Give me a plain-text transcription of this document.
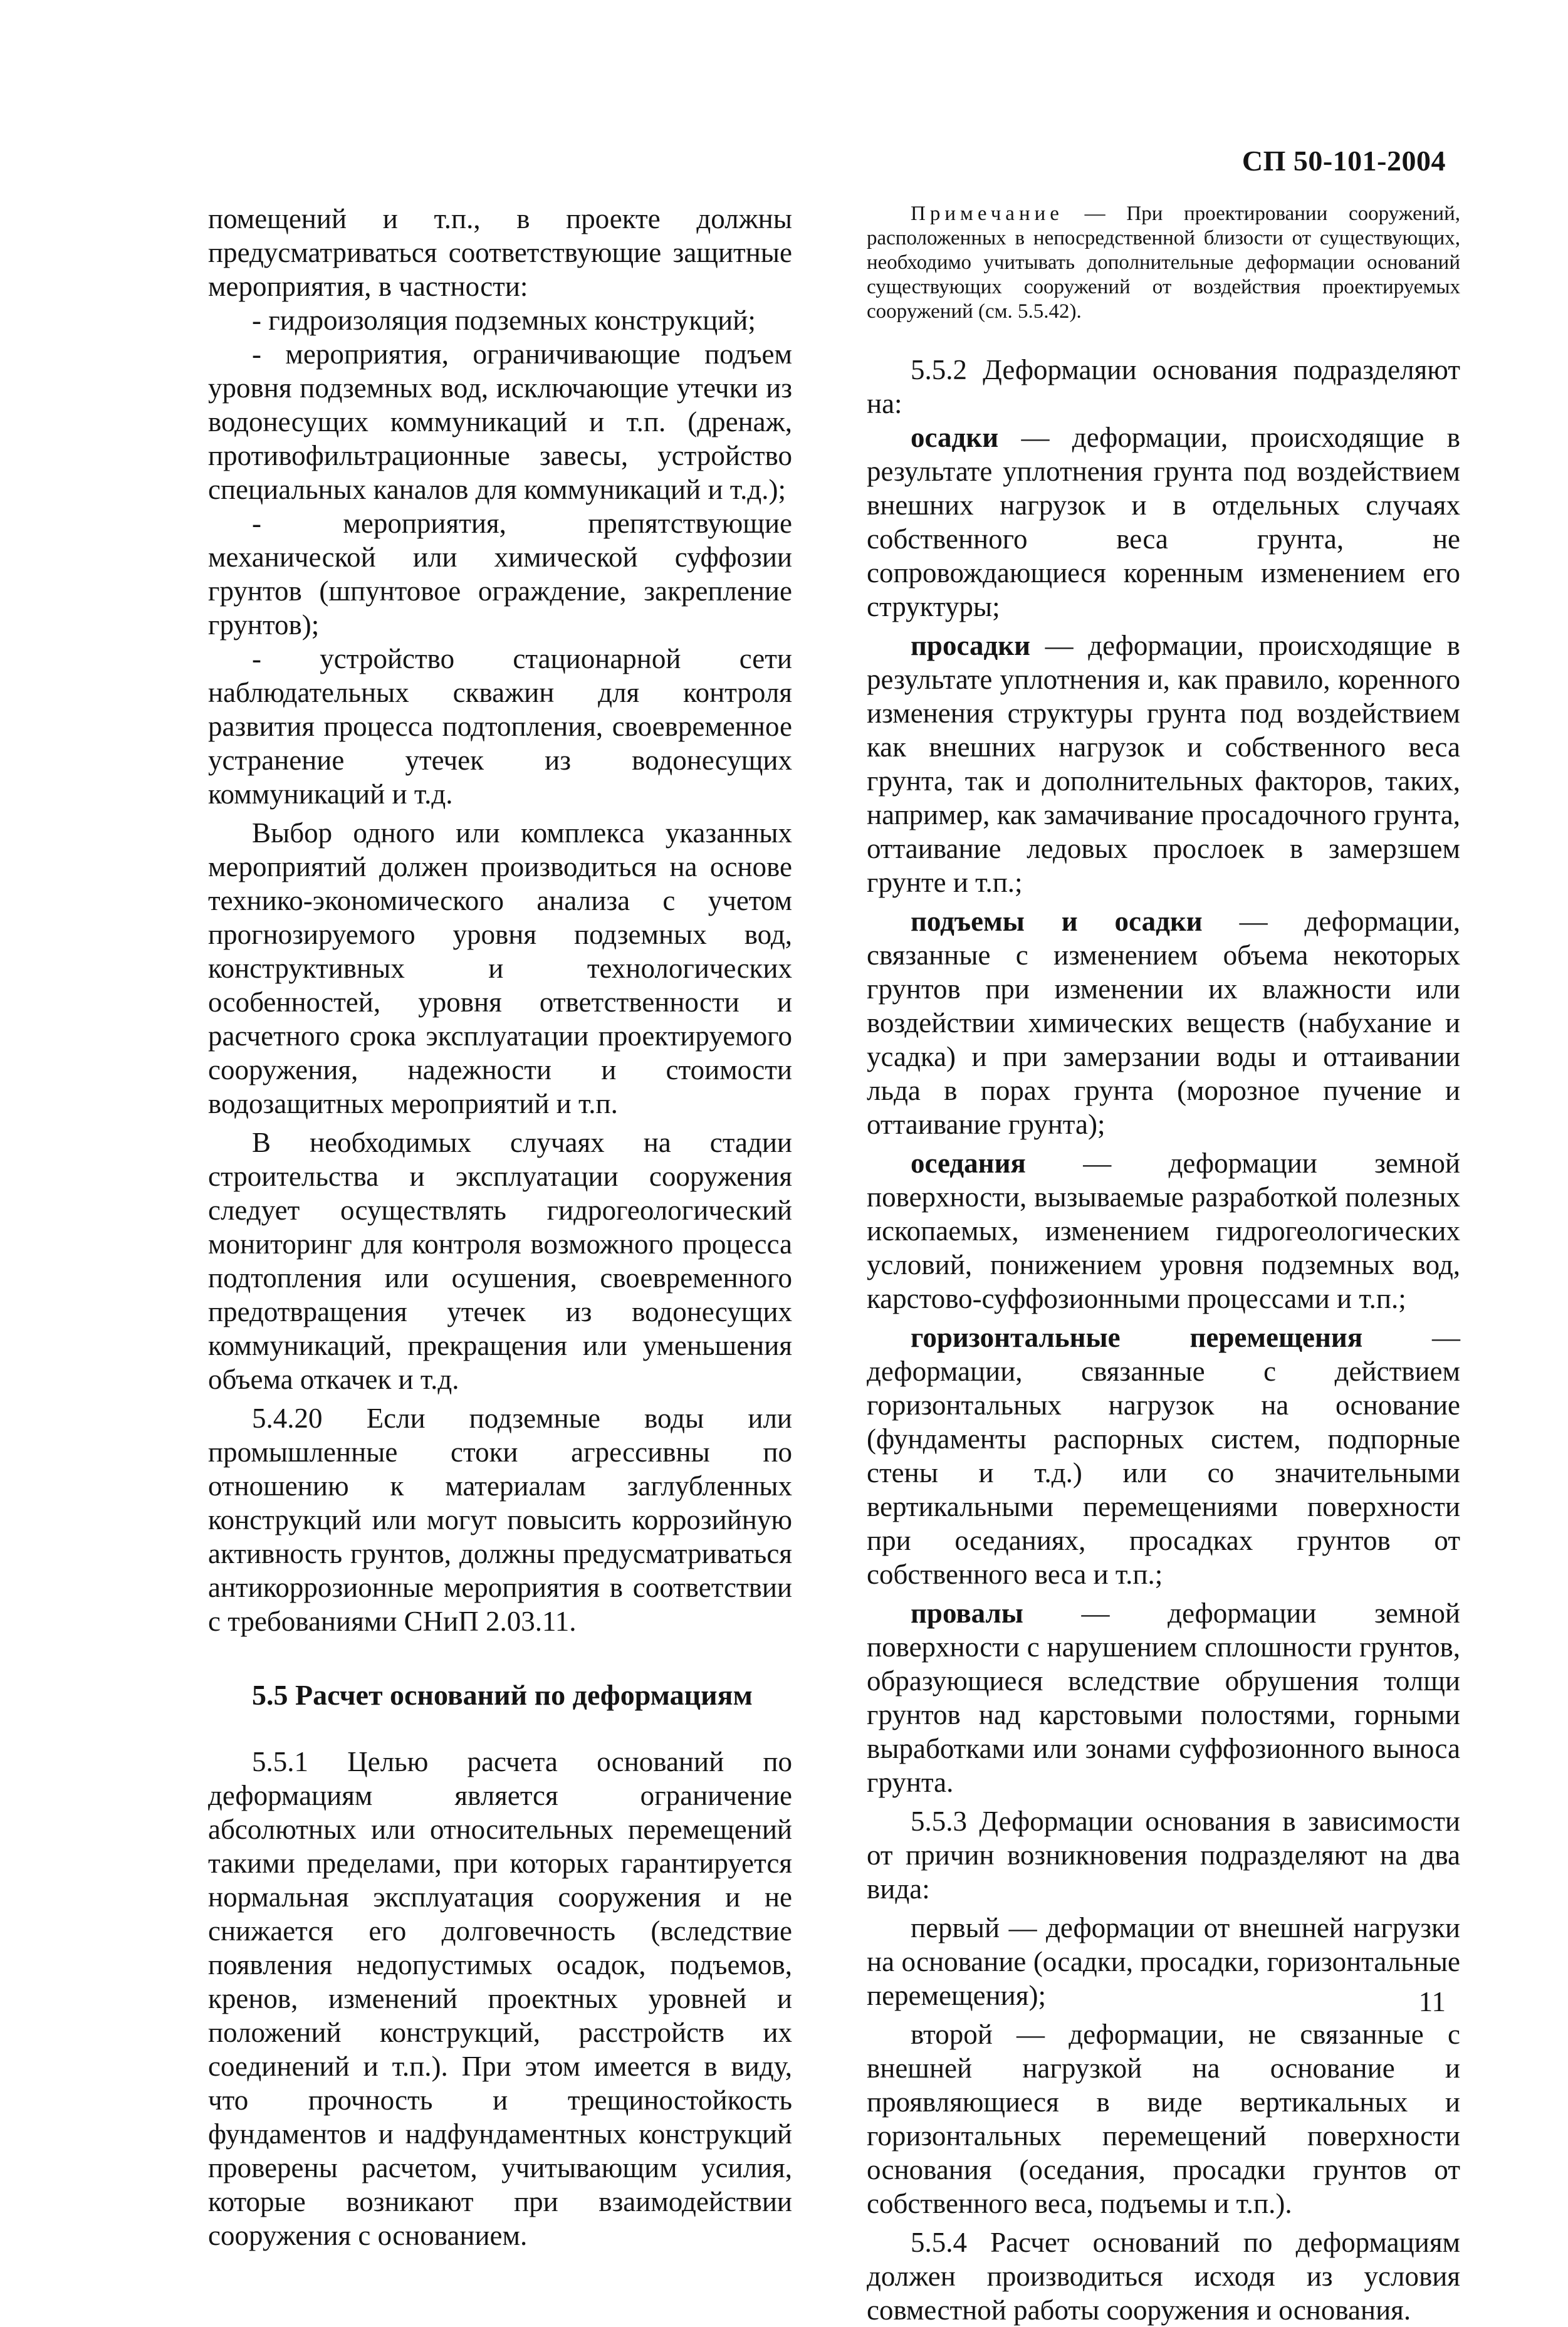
СП 50-101-2004

помещений и т.п., в проекте должны предусматриваться соответствующие защитные мероприятия, в частности:

- гидроизоляция подземных конструкций;

- мероприятия, ограничивающие подъем уровня подземных вод, исключающие утечки из водонесущих коммуникаций и т.п. (дренаж, противофильтрационные завесы, устройство специальных каналов для коммуникаций и т.д.);

- мероприятия, препятствующие механической или химической суффозии грунтов (шпунтовое ограждение, закрепление грунтов);

- устройство стационарной сети наблюдательных скважин для контроля развития процесса подтопления, своевременное устранение утечек из водонесущих коммуникаций и т.д.

Выбор одного или комплекса указанных мероприятий должен производиться на основе технико-экономического анализа с учетом прогнозируемого уровня подземных вод, конструктивных и технологических особенностей, уровня ответственности и расчетного срока эксплуатации проектируемого сооружения, надежности и стоимости водозащитных мероприятий и т.п.

В необходимых случаях на стадии строительства и эксплуатации сооружения следует осуществлять гидрогеологический мониторинг для контроля возможного процесса подтопления или осушения, своевременного предотвращения утечек из водонесущих коммуникаций, прекращения или уменьшения объема откачек и т.д.

5.4.20 Если подземные воды или промышленные стоки агрессивны по отношению к материалам заглубленных конструкций или могут повысить коррозийную активность грунтов, должны предусматриваться антикоррозионные мероприятия в соответствии с требованиями СНиП 2.03.11.

5.5 Расчет оснований по деформациям

5.5.1 Целью расчета оснований по деформациям является ограничение абсолютных или относительных перемещений такими пределами, при которых гарантируется нормальная эксплуатация сооружения и не снижается его долговечность (вследствие появления недопустимых осадок, подъемов, кренов, изменений проектных уровней и положений конструкций, расстройств их соединений и т.п.). При этом имеется в виду, что прочность и трещиностойкость фундаментов и надфундаментных конструкций проверены расчетом, учитывающим усилия, которые возникают при взаимодействии сооружения с основанием.

Примечание — При проектировании сооружений, расположенных в непосредственной близости от существующих, необходимо учитывать дополнительные деформации оснований существующих сооружений от воздействия проектируемых сооружений (см. 5.5.42).

5.5.2 Деформации основания подразделяют на:

осадки — деформации, происходящие в результате уплотнения грунта под воздействием внешних нагрузок и в отдельных случаях собственного веса грунта, не сопровождающиеся коренным изменением его структуры;

просадки — деформации, происходящие в результате уплотнения и, как правило, коренного изменения структуры грунта под воздействием как внешних нагрузок и собственного веса грунта, так и дополнительных факторов, таких, например, как замачивание просадочного грунта, оттаивание ледовых прослоек в замерзшем грунте и т.п.;

подъемы и осадки — деформации, связанные с изменением объема некоторых грунтов при изменении их влажности или воздействии химических веществ (набухание и усадка) и при замерзании воды и оттаивании льда в порах грунта (морозное пучение и оттаивание грунта);

оседания — деформации земной поверхности, вызываемые разработкой полезных ископаемых, изменением гидрогеологических условий, понижением уровня подземных вод, карстово-суффозионными процессами и т.п.;

горизонтальные перемещения — деформации, связанные с действием горизонтальных нагрузок на основание (фундаменты распорных систем, подпорные стены и т.д.) или со значительными вертикальными перемещениями поверхности при оседаниях, просадках грунтов от собственного веса и т.п.;

провалы — деформации земной поверхности с нарушением сплошности грунтов, образующиеся вследствие обрушения толщи грунтов над карстовыми полостями, горными выработками или зонами суффозионного выноса грунта.

5.5.3 Деформации основания в зависимости от причин возникновения подразделяют на два вида:

первый — деформации от внешней нагрузки на основание (осадки, просадки, горизонтальные перемещения);

второй — деформации, не связанные с внешней нагрузкой на основание и проявляющиеся в виде вертикальных и горизонтальных перемещений поверхности основания (оседания, просадки грунтов от собственного веса, подъемы и т.п.).

5.5.4 Расчет оснований по деформациям должен производиться исходя из условия совместной работы сооружения и основания.

11
